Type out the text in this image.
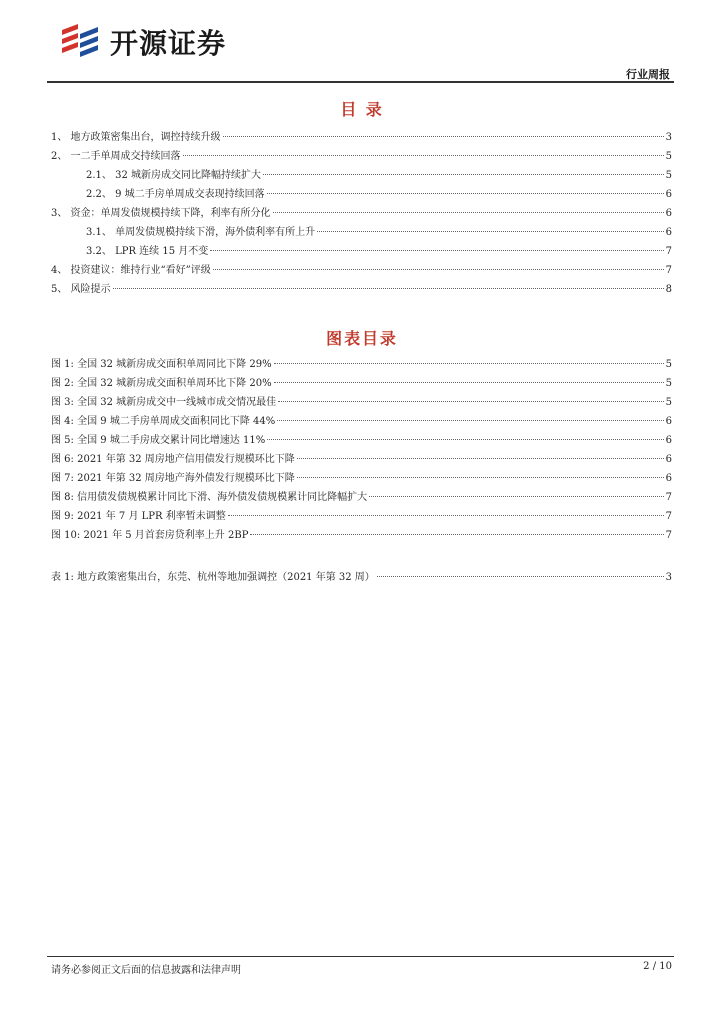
开源证券
行业周报
目 录
1、 地方政策密集出台，调控持续升级	3
2、 一二手单周成交持续回落	5
2.1、 32 城新房成交同比降幅持续扩大	5
2.2、 9 城二手房单周成交表现持续回落	6
3、 资金：单周发债规模持续下降，利率有所分化	6
3.1、 单周发债规模持续下滑，海外债利率有所上升	6
3.2、 LPR 连续 15 月不变	7
4、 投资建议：维持行业“看好”评级	7
5、 风险提示	8
图表目录
图 1: 全国 32 城新房成交面积单周同比下降 29%	5
图 2: 全国 32 城新房成交面积单周环比下降 20%	5
图 3: 全国 32 城新房成交中一线城市成交情况最佳	5
图 4: 全国 9 城二手房单周成交面积同比下降 44%	6
图 5: 全国 9 城二手房成交累计同比增速达 11%	6
图 6: 2021 年第 32 周房地产信用债发行规模环比下降	6
图 7: 2021 年第 32 周房地产海外债发行规模环比下降	6
图 8: 信用债发债规模累计同比下滑、海外债发债规模累计同比降幅扩大	7
图 9: 2021 年 7 月 LPR 利率暂未调整	7
图 10: 2021 年 5 月首套房贷利率上升 2BP	7
表 1: 地方政策密集出台，东莞、杭州等地加强调控（2021 年第 32 周）	3
请务必参阅正文后面的信息披露和法律声明	2 / 10
